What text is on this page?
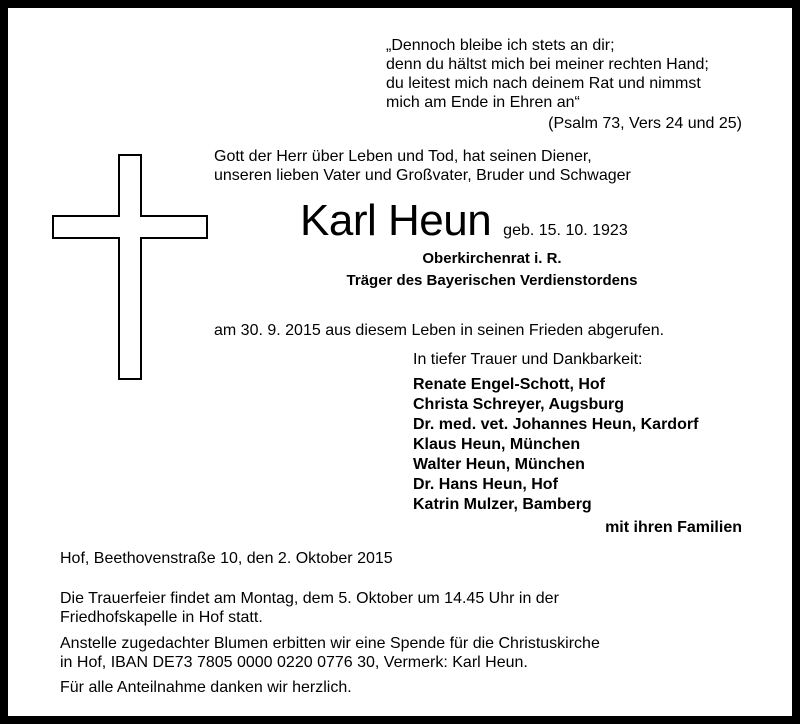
„Dennoch bleibe ich stets an dir;
denn du hältst mich bei meiner rechten Hand;
du leitest mich nach deinem Rat und nimmst
mich am Ende in Ehren an“
(Psalm 73, Vers 24 und 25)
Gott der Herr über Leben und Tod, hat seinen Diener,
unseren lieben Vater und Großvater, Bruder und Schwager
Karl Heun geb. 15. 10. 1923
Oberkirchenrat i. R.
Träger des Bayerischen Verdienstordens
am 30. 9. 2015 aus diesem Leben in seinen Frieden abgerufen.
In tiefer Trauer und Dankbarkeit:
Renate Engel-Schott, Hof
Christa Schreyer, Augsburg
Dr. med. vet. Johannes Heun, Kardorf
Klaus Heun, München
Walter Heun, München
Dr. Hans Heun, Hof
Katrin Mulzer, Bamberg
mit ihren Familien
Hof, Beethovenstraße 10, den 2. Oktober 2015
Die Trauerfeier findet am Montag, dem 5. Oktober um 14.45 Uhr in der
Friedhofskapelle in Hof statt.
Anstelle zugedachter Blumen erbitten wir eine Spende für die Christuskirche
in Hof, IBAN DE73 7805 0000 0220 0776 30, Vermerk: Karl Heun.
Für alle Anteilnahme danken wir herzlich.
